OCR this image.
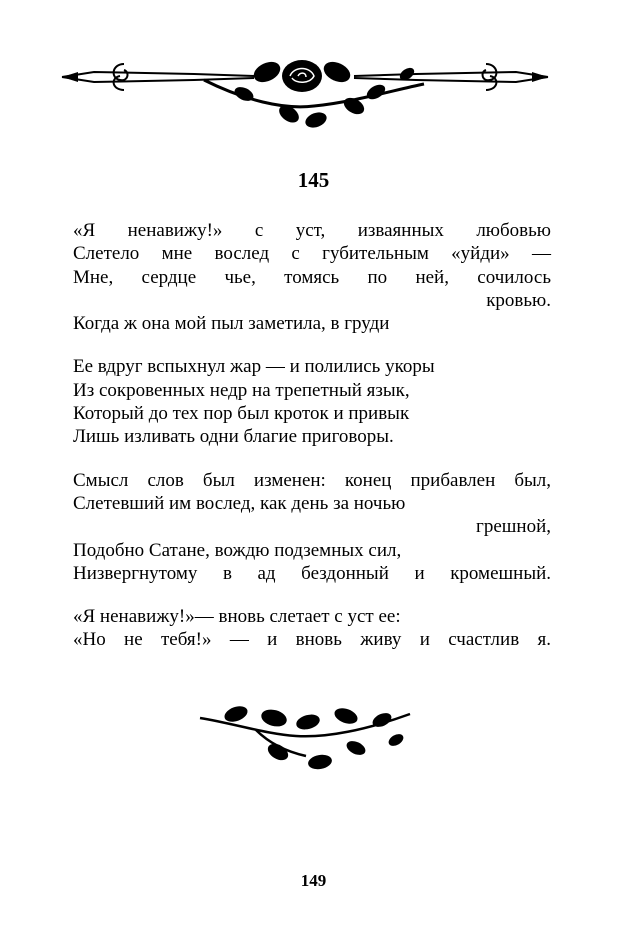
145
«Я ненавижу!» с уст, изваянных любовью
Слетело мне вослед с губительным «уйди» —
Мне, сердце чье, томясь по ней, сочилось
кровью.
Когда ж она мой пыл заметила, в груди
Ее вдруг вспыхнул жар — и полились укоры
Из сокровенных недр на трепетный язык,
Который до тех пор был кроток и привык
Лишь изливать одни благие приговоры.
Смысл слов был изменен: конец прибавлен был,
Слетевший им вослед, как день за ночью
грешной,
Подобно Сатане, вождю подземных сил,
Низвергнутому в ад бездонный и кромешный.
«Я ненавижу!»— вновь слетает с уст ее:
«Но не тебя!» — и вновь живу и счастлив я.
149
